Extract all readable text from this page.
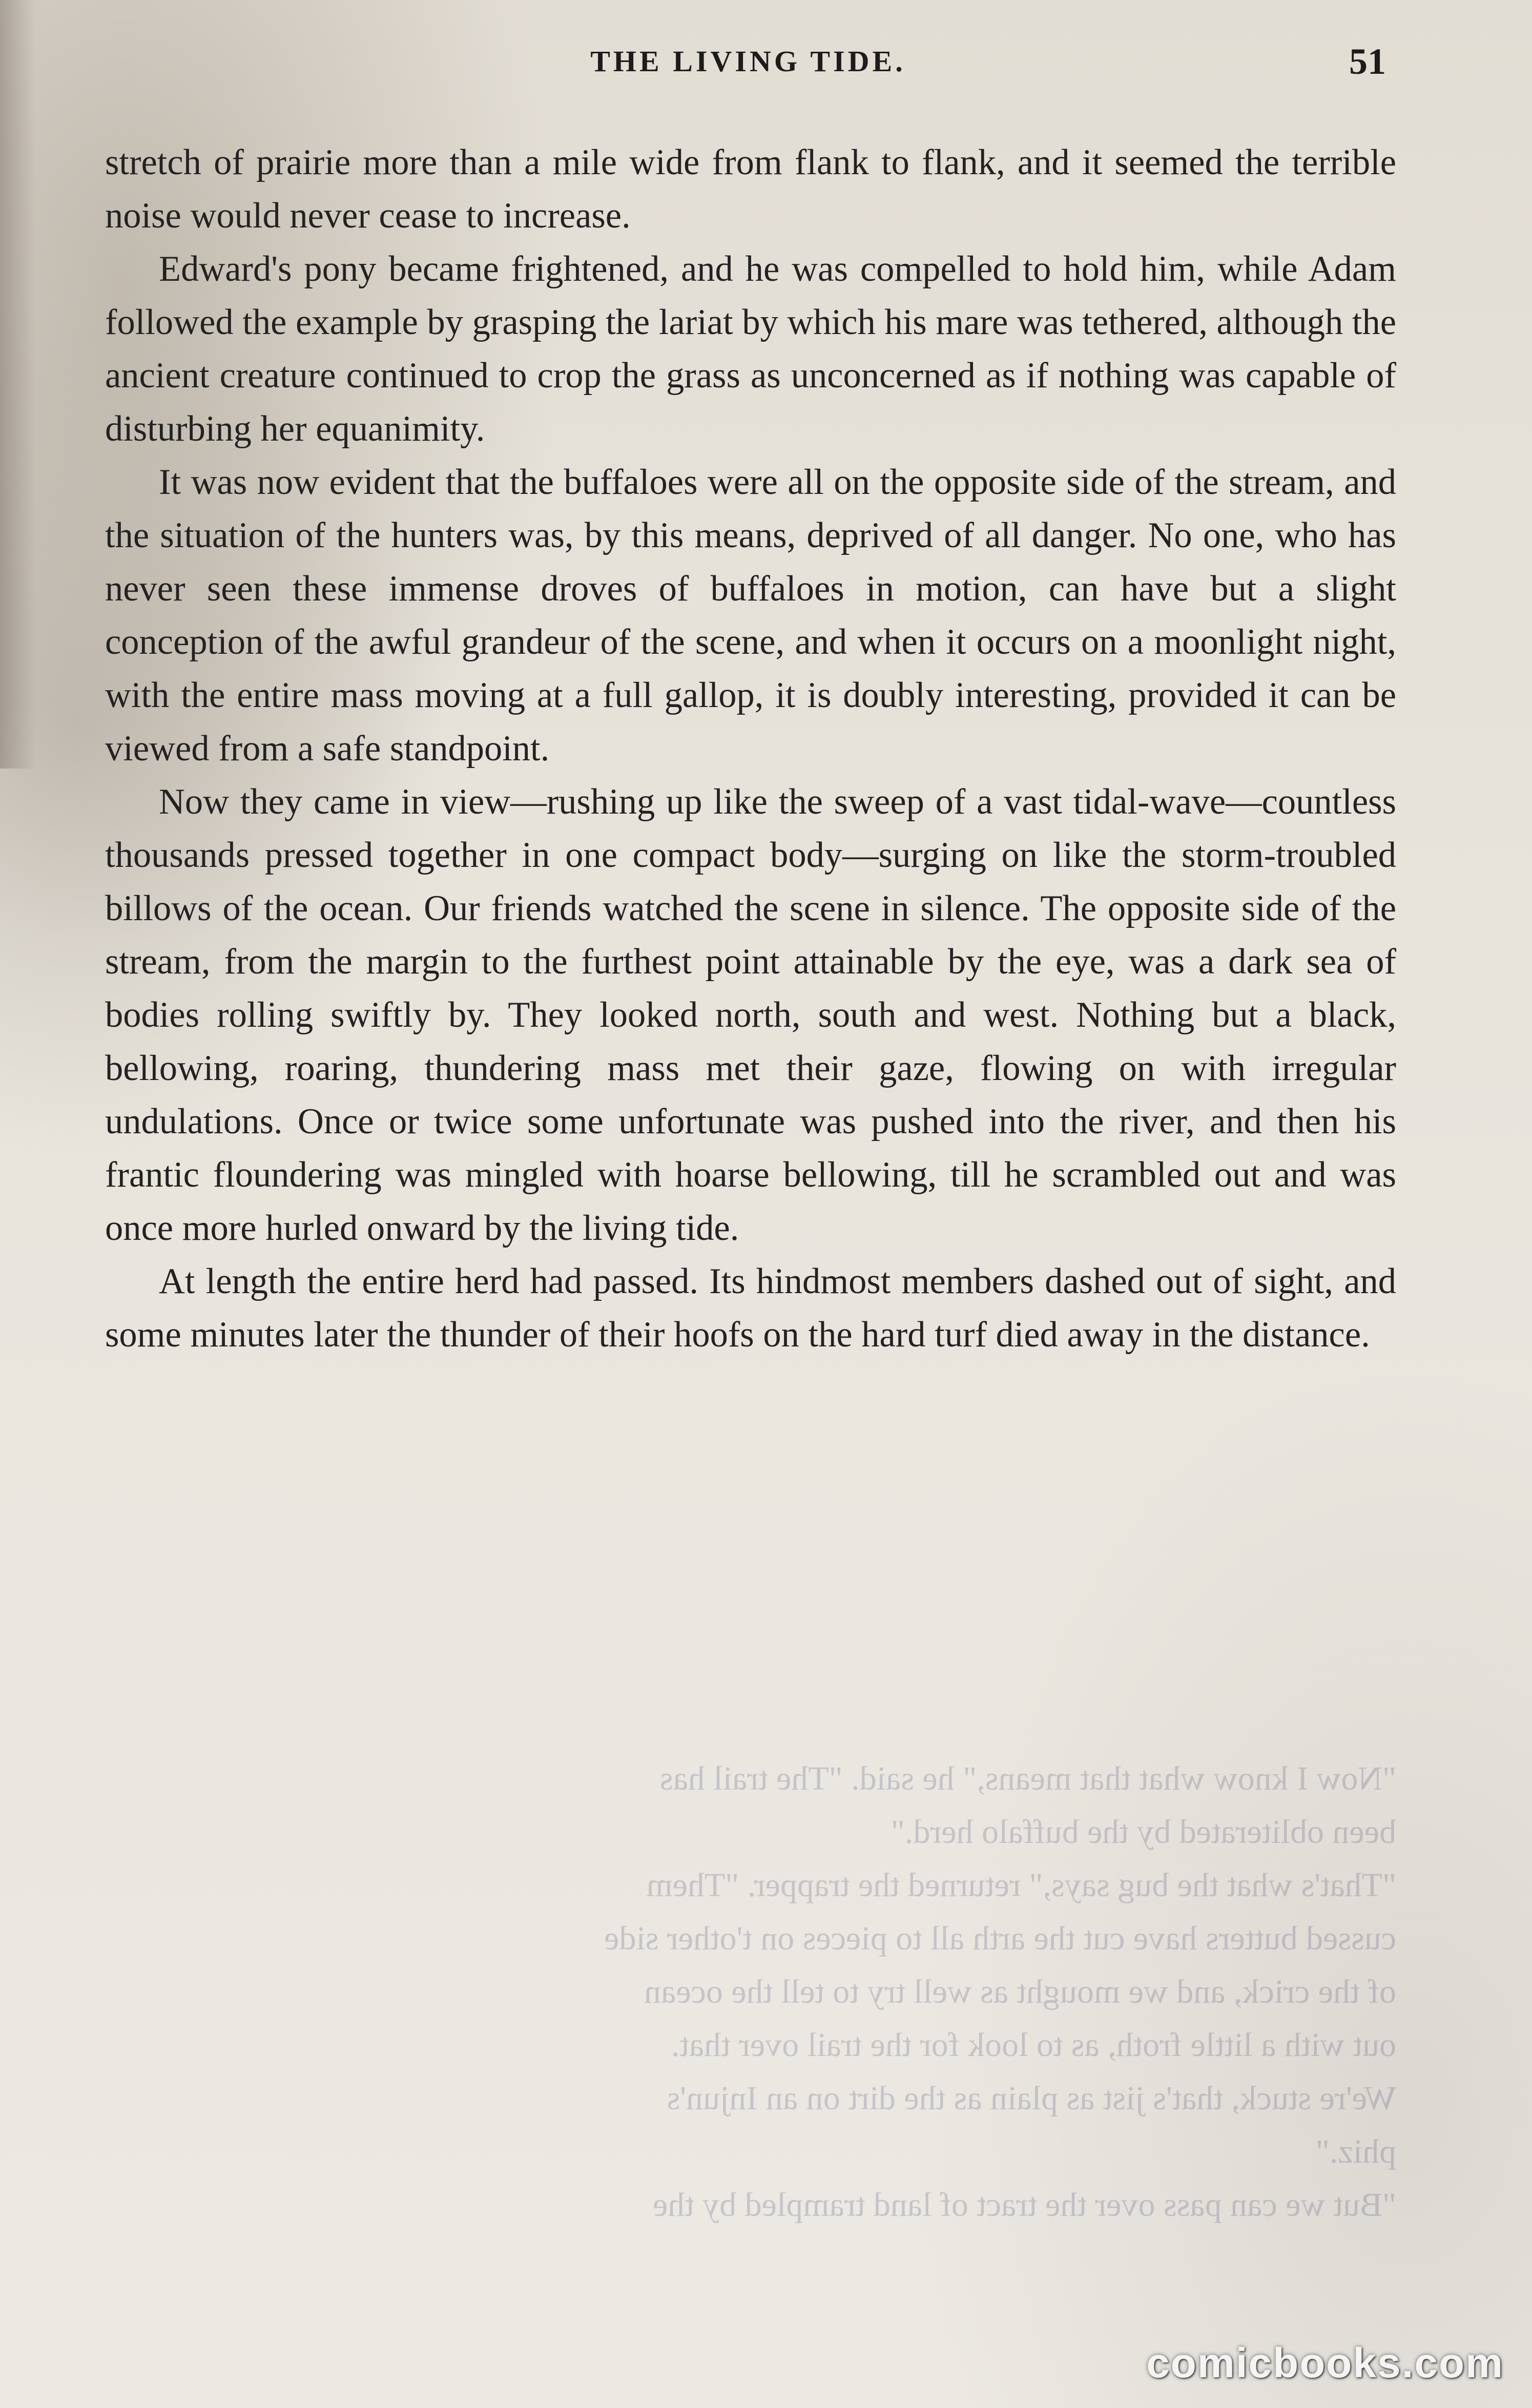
THE LIVING TIDE.	51
"Now I know what that means," he said. "The trail has
been obliterated by the buffalo herd."
"That's what the bug says," returned the trapper. "Them
cussed butters have cut the arth all to pieces on t'other side
of the crick, and we mought as well try to tell the ocean
out with a little froth, as to look for the trail over that.
We're stuck, that's jist as plain as the dirt on an Injun's
phiz."
"But we can pass over the tract of land trampled by the

stretch of prairie more than a mile wide from flank to flank, and it seemed the terrible noise would never cease to increase.

Edward's pony became frightened, and he was compelled to hold him, while Adam followed the example by grasping the lariat by which his mare was tethered, although the ancient creature continued to crop the grass as unconcerned as if nothing was capable of disturbing her equanimity.

It was now evident that the buffaloes were all on the opposite side of the stream, and the situation of the hunters was, by this means, deprived of all danger. No one, who has never seen these immense droves of buffaloes in motion, can have but a slight conception of the awful grandeur of the scene, and when it occurs on a moonlight night, with the entire mass moving at a full gallop, it is doubly interesting, provided it can be viewed from a safe standpoint.

Now they came in view—rushing up like the sweep of a vast tidal-wave—countless thousands pressed together in one compact body—surging on like the storm-troubled billows of the ocean. Our friends watched the scene in silence. The opposite side of the stream, from the margin to the furthest point attainable by the eye, was a dark sea of bodies rolling swiftly by. They looked north, south and west. Nothing but a black, bellowing, roaring, thundering mass met their gaze, flowing on with irregular undulations. Once or twice some unfortunate was pushed into the river, and then his frantic floundering was mingled with hoarse bellowing, till he scrambled out and was once more hurled onward by the living tide.

At length the entire herd had passed. Its hindmost members dashed out of sight, and some minutes later the thunder of their hoofs on the hard turf died away in the distance.

comicbooks.com
